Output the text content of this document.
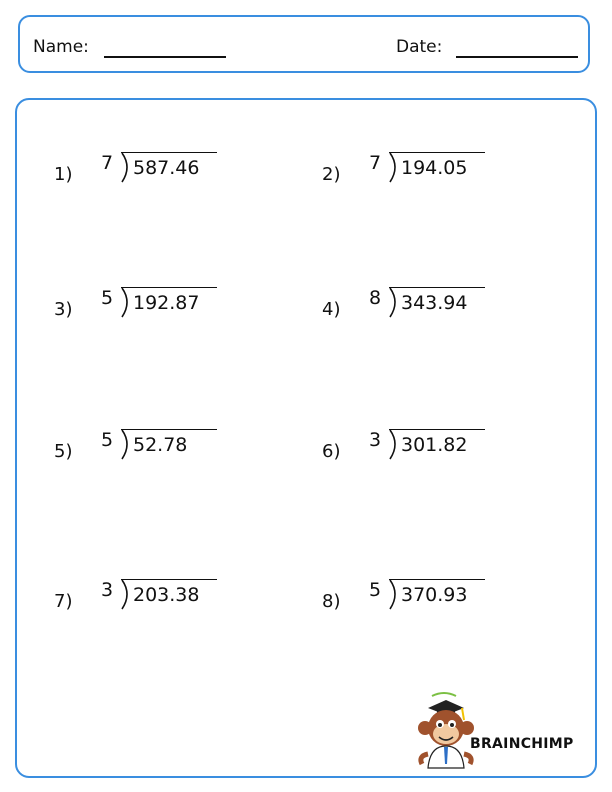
Name:	Date:
1)
7 587.46	2)
7 194.05
3)
5 192.87	4)
8 343.94
5)
5 52.78	6)
3 301.82
7)
3 203.38	8)
5 370.93
BRAINCHIMP
